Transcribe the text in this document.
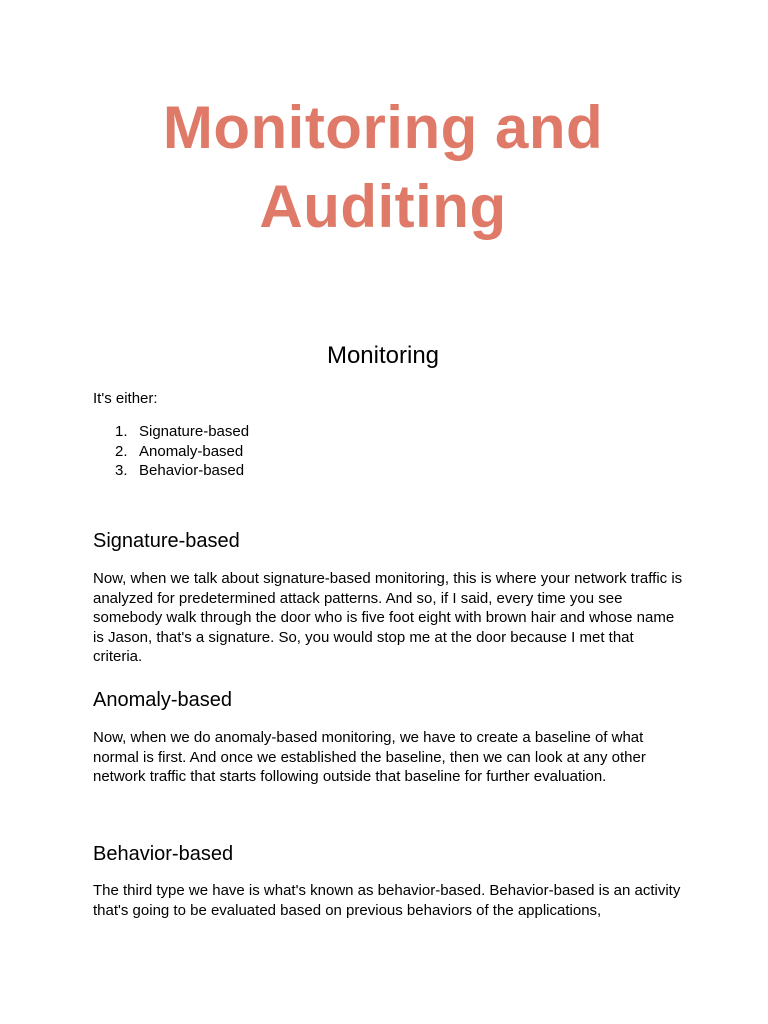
Monitoring and Auditing
Monitoring

It's either:

1. Signature-based
2. Anomaly-based
3. Behavior-based
Signature-based

Now, when we talk about signature-based monitoring, this is where your network traffic is analyzed for predetermined attack patterns. And so, if I said, every time you see somebody walk through the door who is five foot eight with brown hair and whose name is Jason, that's a signature. So, you would stop me at the door because I met that criteria.

Anomaly-based

Now, when we do anomaly-based monitoring, we have to create a baseline of what normal is first. And once we established the baseline, then we can look at any other network traffic that starts following outside that baseline for further evaluation.

Behavior-based

The third type we have is what's known as behavior-based. Behavior-based is an activity that's going to be evaluated based on previous behaviors of the applications,
